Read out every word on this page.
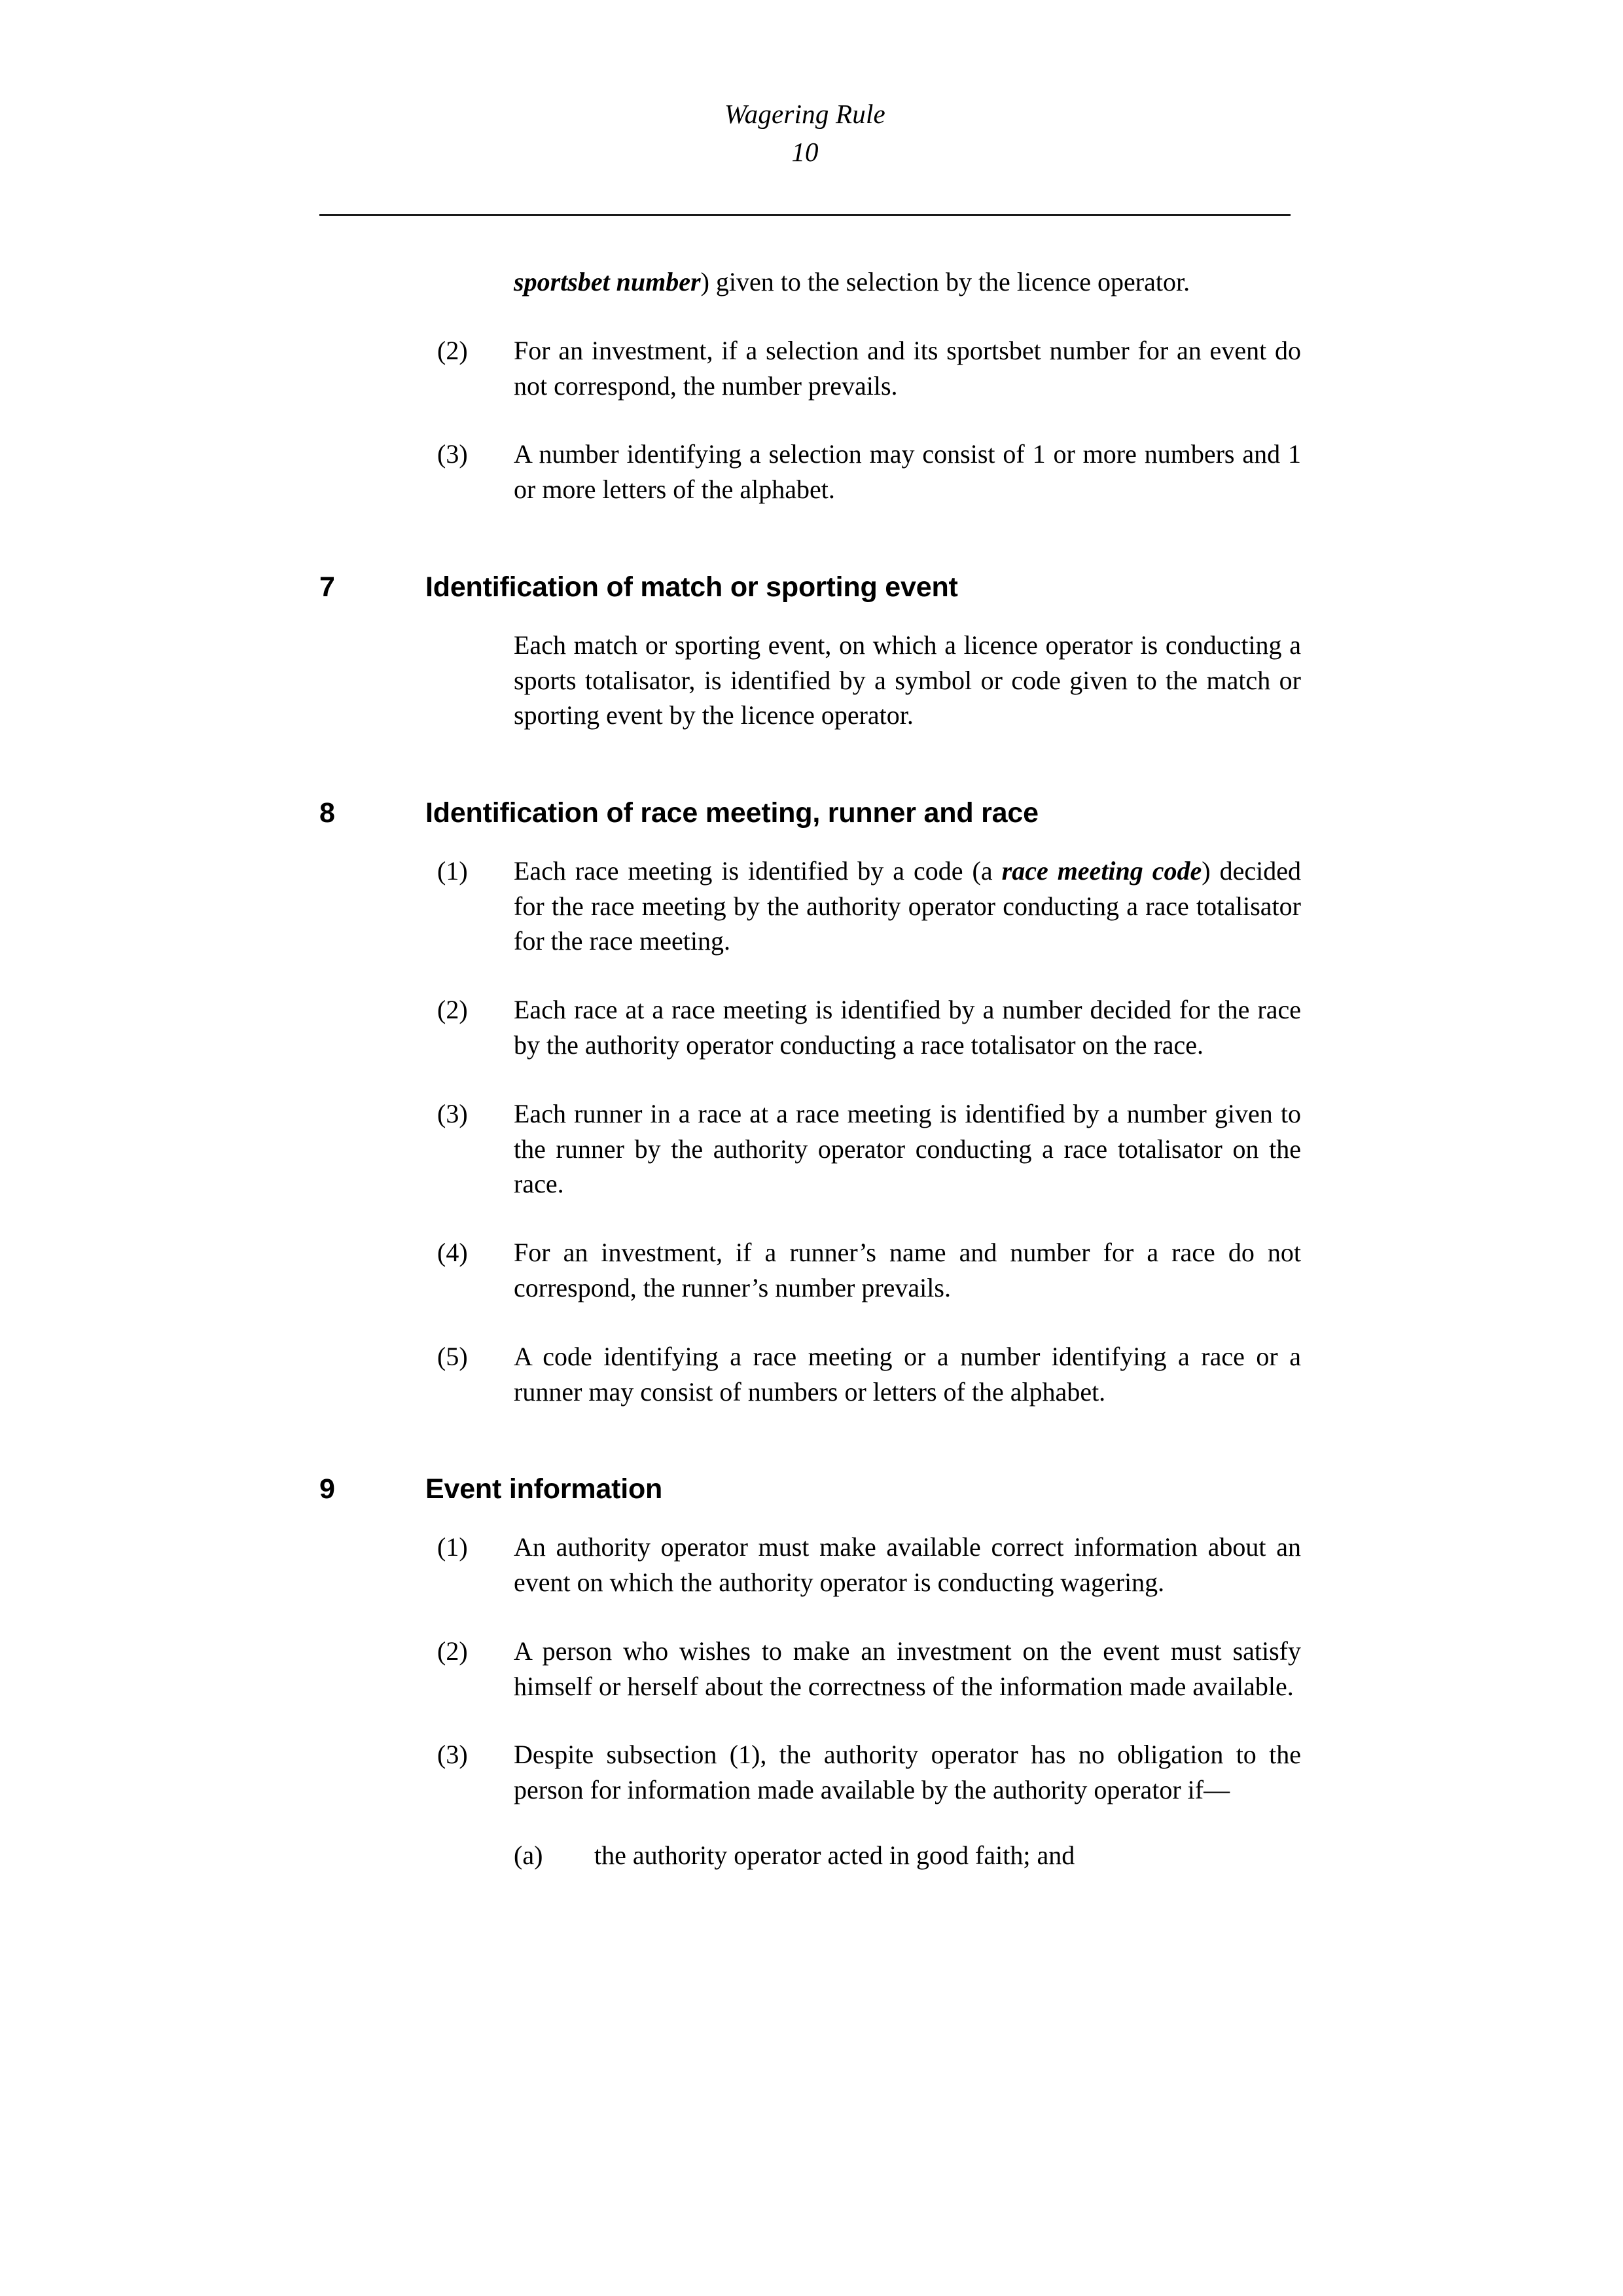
Wagering Rule
10
sportsbet number) given to the selection by the licence operator.
(2)	For an investment, if a selection and its sportsbet number for an event do not correspond, the number prevails.
(3)	A number identifying a selection may consist of 1 or more numbers and 1 or more letters of the alphabet.
7	Identification of match or sporting event
Each match or sporting event, on which a licence operator is conducting a sports totalisator, is identified by a symbol or code given to the match or sporting event by the licence operator.
8	Identification of race meeting, runner and race
(1)	Each race meeting is identified by a code (a race meeting code) decided for the race meeting by the authority operator conducting a race totalisator for the race meeting.
(2)	Each race at a race meeting is identified by a number decided for the race by the authority operator conducting a race totalisator on the race.
(3)	Each runner in a race at a race meeting is identified by a number given to the runner by the authority operator conducting a race totalisator on the race.
(4)	For an investment, if a runner’s name and number for a race do not correspond, the runner’s number prevails.
(5)	A code identifying a race meeting or a number identifying a race or a runner may consist of numbers or letters of the alphabet.
9	Event information
(1)	An authority operator must make available correct information about an event on which the authority operator is conducting wagering.
(2)	A person who wishes to make an investment on the event must satisfy himself or herself about the correctness of the information made available.
(3)	Despite subsection (1), the authority operator has no obligation to the person for information made available by the authority operator if—
(a)	the authority operator acted in good faith; and
